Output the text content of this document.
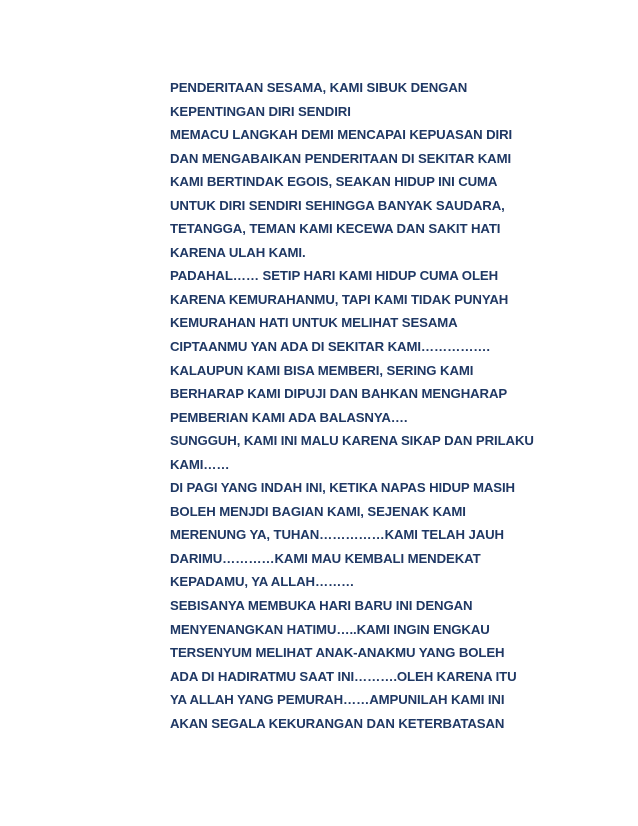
PENDERITAAN SESAMA, KAMI SIBUK DENGAN
KEPENTINGAN DIRI SENDIRI
MEMACU LANGKAH DEMI MENCAPAI KEPUASAN DIRI
DAN MENGABAIKAN PENDERITAAN DI SEKITAR KAMI
KAMI BERTINDAK EGOIS, SEAKAN HIDUP INI CUMA
UNTUK DIRI SENDIRI SEHINGGA BANYAK SAUDARA,
TETANGGA, TEMAN KAMI KECEWA DAN SAKIT HATI
KARENA ULAH KAMI.
PADAHAL…… SETIP HARI KAMI HIDUP CUMA OLEH
KARENA KEMURAHANMU, TAPI KAMI TIDAK PUNYAH
KEMURAHAN HATI UNTUK MELIHAT SESAMA
CIPTAANMU YAN ADA DI SEKITAR KAMI…………….
KALAUPUN KAMI BISA MEMBERI, SERING KAMI
BERHARAP KAMI DIPUJI DAN BAHKAN MENGHARAP
PEMBERIAN KAMI ADA BALASNYA….
SUNGGUH, KAMI INI MALU KARENA SIKAP DAN PRILAKU
KAMI……
DI PAGI YANG INDAH INI, KETIKA NAPAS HIDUP MASIH
BOLEH MENJDI BAGIAN KAMI, SEJENAK KAMI
MERENUNG YA, TUHAN……………KAMI TELAH JAUH
DARIMU…………KAMI MAU KEMBALI MENDEKAT
KEPADAMU, YA ALLAH………
SEBISANYA MEMBUKA HARI BARU INI DENGAN
MENYENANGKAN HATIMU…..KAMI INGIN ENGKAU
TERSENYUM MELIHAT ANAK-ANAKMU YANG BOLEH
ADA DI HADIRATMU SAAT INI……….OLEH KARENA ITU
YA ALLAH YANG PEMURAH……AMPUNILAH KAMI INI
AKAN SEGALA KEKURANGAN DAN KETERBATASAN
